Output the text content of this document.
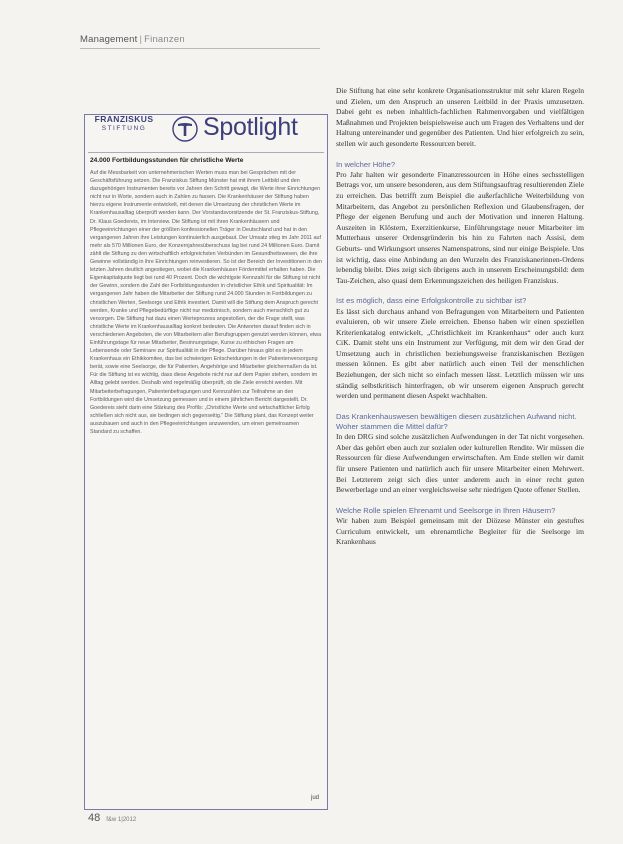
Management | Finanzen
jud
FRANZISKUS
STIFTUNG	Spotlight

24.000 Fortbildungsstunden für christliche Werte

Auf die Messbarkeit von unternehmerischen Werten muss man bei Gesprächen mit der Geschäftsführung setzen. Die Franziskus Stiftung Münster hat mit ihrem Leitbild und den dazugehörigen Instrumenten bereits vor Jahren den Schritt gewagt, die Werte ihrer Einrichtungen nicht nur in Worte, sondern auch in Zahlen zu fassen. Die Krankenhäuser der Stiftung haben hierzu eigene Instrumente entwickelt, mit denen die Umsetzung der christlichen Werte im Krankenhausalltag überprüft werden kann. Der Vorstandsvorsitzende der St. Franziskus-Stiftung, Dr. Klaus Goedereis, im Interview. Die Stiftung ist mit ihren Krankenhäusern und Pflegeeinrichtungen einer der größten konfessionellen Träger in Deutschland und hat in den vergangenen Jahren ihre Leistungen kontinuierlich ausgebaut. Der Umsatz stieg im Jahr 2011 auf mehr als 570 Millionen Euro, der Konzernjahresüberschuss lag bei rund 24 Millionen Euro. Damit zählt die Stiftung zu den wirtschaftlich erfolgreichsten Verbünden im Gesundheitswesen, die ihre Gewinne vollständig in ihre Einrichtungen reinvestieren. So ist der Bereich der Investitionen in den letzten Jahren deutlich angestiegen, wobei die Krankenhäuser Fördermittel erhalten haben. Die Eigenkapitalquote liegt bei rund 40 Prozent. Doch die wichtigste Kennzahl für die Stiftung ist nicht der Gewinn, sondern die Zahl der Fortbildungsstunden in christlicher Ethik und Spiritualität: Im vergangenen Jahr haben die Mitarbeiter der Stiftung rund 24.000 Stunden in Fortbildungen zu christlichen Werten, Seelsorge und Ethik investiert. Damit will die Stiftung dem Anspruch gerecht werden, Kranke und Pflegebedürftige nicht nur medizinisch, sondern auch menschlich gut zu versorgen. Die Stiftung hat dazu einen Werteprozess angestoßen, der die Frage stellt, was christliche Werte im Krankenhausalltag konkret bedeuten. Die Antworten darauf finden sich in verschiedenen Angeboten, die von Mitarbeitern aller Berufsgruppen genutzt werden können, etwa Einführungstage für neue Mitarbeiter, Besinnungstage, Kurse zu ethischen Fragen am Lebensende oder Seminare zur Spiritualität in der Pflege. Darüber hinaus gibt es in jedem Krankenhaus ein Ethikkomitee, das bei schwierigen Entscheidungen in der Patientenversorgung berät, sowie eine Seelsorge, die für Patienten, Angehörige und Mitarbeiter gleichermaßen da ist. Für die Stiftung ist es wichtig, dass diese Angebote nicht nur auf dem Papier stehen, sondern im Alltag gelebt werden. Deshalb wird regelmäßig überprüft, ob die Ziele erreicht werden. Mit Mitarbeiterbefragungen, Patientenbefragungen und Kennzahlen zur Teilnahme an den Fortbildungen wird die Umsetzung gemessen und in einem jährlichen Bericht dargestellt. Dr. Goedereis sieht darin eine Stärkung des Profils: „Christliche Werte und wirtschaftlicher Erfolg schließen sich nicht aus, sie bedingen sich gegenseitig.“ Die Stiftung plant, das Konzept weiter auszubauen und auch in den Pflegeeinrichtungen anzuwenden, um einen gemeinsamen Standard zu schaffen.

Die Stiftung hat eine sehr konkrete Organisationsstruktur mit sehr klaren Regeln und Zielen, um den Anspruch an unseren Leitbild in der Praxis umzusetzen. Dabei geht es neben inhaltlich-fachlichen Rahmenvorgaben und vielfältigen Maßnahmen und Projekten beispielsweise auch um Fragen des Verhaltens und der Haltung untereinander und gegenüber des Patienten. Und hier erfolgreich zu sein, stellen wir auch gesonderte Ressourcen bereit.

In welcher Höhe?

Pro Jahr halten wir gesonderte Finanzressourcen in Höhe eines sechsstelligen Betrags vor, um unsere besonderen, aus dem Stiftungsauftrag resultierenden Ziele zu erreichen. Das betrifft zum Beispiel die außerfachliche Weiterbildung von Mitarbeitern, das Angebot zu persönlichen Reflexion und Glaubensfragen, der Pflege der eigenen Berufung und auch der Motivation und inneren Haltung. Auszeiten in Klöstern, Exerzitienkurse, Einführungstage neuer Mitarbeiter im Mutterhaus unserer Ordensgründerin bis hin zu Fahrten nach Assisi, dem Geburts- und Wirkungsort unseres Namenspatrons, sind nur einige Beispiele. Uns ist wichtig, dass eine Anbindung an den Wurzeln des Franziskanerinnen-Ordens lebendig bleibt. Dies zeigt sich übrigens auch in unserem Erscheinungsbild: dem Tau-Zeichen, also quasi dem Erkennungszeichen des heiligen Franziskus.

Ist es möglich, dass eine Erfolgskontrolle zu sichtbar ist?

Es lässt sich durchaus anhand von Befragungen von Mitarbeitern und Patienten evaluieren, ob wir unsere Ziele erreichen. Ebenso haben wir einen speziellen Kriterienkatalog entwickelt, „Christlichkeit im Krankenhaus“ oder auch kurz CiK. Damit steht uns ein Instrument zur Verfügung, mit dem wir den Grad der Umsetzung auch in christlichen beziehungsweise franziskanischen Bezügen messen können. Es gibt aber natürlich auch einen Teil der menschlichen Beziehungen, der sich nicht so einfach messen lässt. Letztlich müssen wir uns ständig selbstkritisch hinterfragen, ob wir unserem eigenen Anspruch gerecht werden und permanent diesen Aspekt wachhalten.

Das Krankenhauswesen bewältigen diesen zusätzlichen Aufwand nicht. Woher stammen die Mittel dafür?

In den DRG sind solche zusätzlichen Aufwendungen in der Tat nicht vorgesehen. Aber das gehört eben auch zur sozialen oder kulturellen Rendite. Wir müssen die Ressourcen für diese Aufwendungen erwirtschaften. Am Ende stellen wir damit für unsere Patienten und natürlich auch für unsere Mitarbeiter einen Mehrwert. Bei Letzterem zeigt sich dies unter anderem auch in einer recht guten Bewerberlage und an einer vergleichsweise sehr niedrigen Quote offener Stellen.

Welche Rolle spielen Ehrenamt und Seelsorge in Ihren Häusern?

Wir haben zum Beispiel gemeinsam mit der Diözese Münster ein gestuftes Curriculum entwickelt, um ehrenamtliche Begleiter für die Seelsorge im Krankenhaus

48 f&w 1|2012
